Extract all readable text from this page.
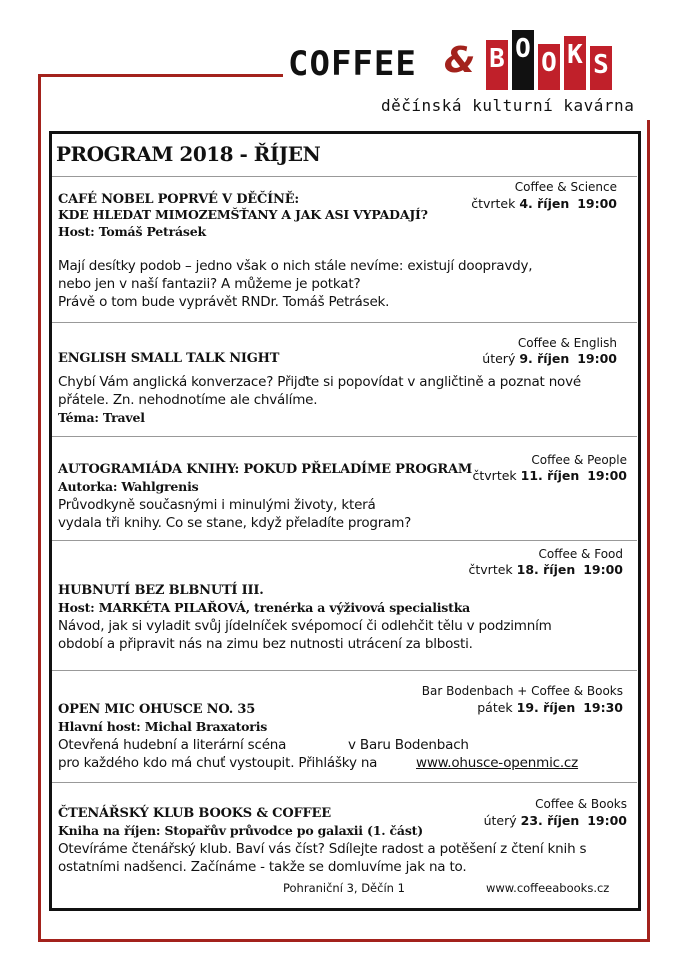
COFFEE & B O O K S
děčínská kulturní kavárna
PROGRAM 2018 - ŘÍJEN
Coffee & Science
čtvrtek 4. říjen 19:00
CAFÉ NOBEL POPRVÉ V DĚČÍNĚ:
KDE HLEDAT MIMOZEMŠŤANY A JAK ASI VYPADAJÍ?
Host: Tomáš Petrásek
Mají desítky podob – jedno však o nich stále nevíme: existují doopravdy,
nebo jen v naší fantazii? A můžeme je potkat?
Právě o tom bude vyprávět RNDr. Tomáš Petrásek.
Coffee & English
úterý 9. říjen 19:00
ENGLISH SMALL TALK NIGHT
Chybí Vám anglická konverzace? Přijďte si popovídat v angličtině a poznat nové
přátele. Zn. nehodnotíme ale chválíme.
Téma: Travel
Coffee & People
čtvrtek 11. říjen 19:00
AUTOGRAMIÁDA KNIHY: POKUD PŘELADÍME PROGRAM
Autorka: Wahlgrenis
Průvodkyně současnými i minulými životy, která
vydala tři knihy. Co se stane, když přeladíte program?
Coffee & Food
čtvrtek 18. říjen 19:00
HUBNUTÍ BEZ BLBNUTÍ III.
Host: MARKÉTA PILAŘOVÁ, trenérka a výživová specialistka
Návod, jak si vyladit svůj jídelníček svépomocí či odlehčit tělu v podzimním
období a připravit nás na zimu bez nutnosti utrácení za blbosti.
Bar Bodenbach + Coffee & Books
pátek 19. říjen 19:30
OPEN MIC OHUSCE NO. 35
Hlavní host: Michal Braxatoris
Otevřená hudební a literární scéna	v Baru Bodenbach
pro každého kdo má chuť vystoupit. Přihlášky na	www.ohusce-openmic.cz
Coffee & Books
úterý 23. říjen 19:00
ČTENÁŘSKÝ KLUB BOOKS & COFFEE
Kniha na říjen: Stopařův průvodce po galaxii (1. část)
Otevíráme čtenářský klub. Baví vás číst? Sdílejte radost a potěšení z čtení knih s
ostatními nadšenci. Začínáme - takže se domluvíme jak na to.
Pohraniční 3, Děčín 1	www.coffeeabooks.cz
